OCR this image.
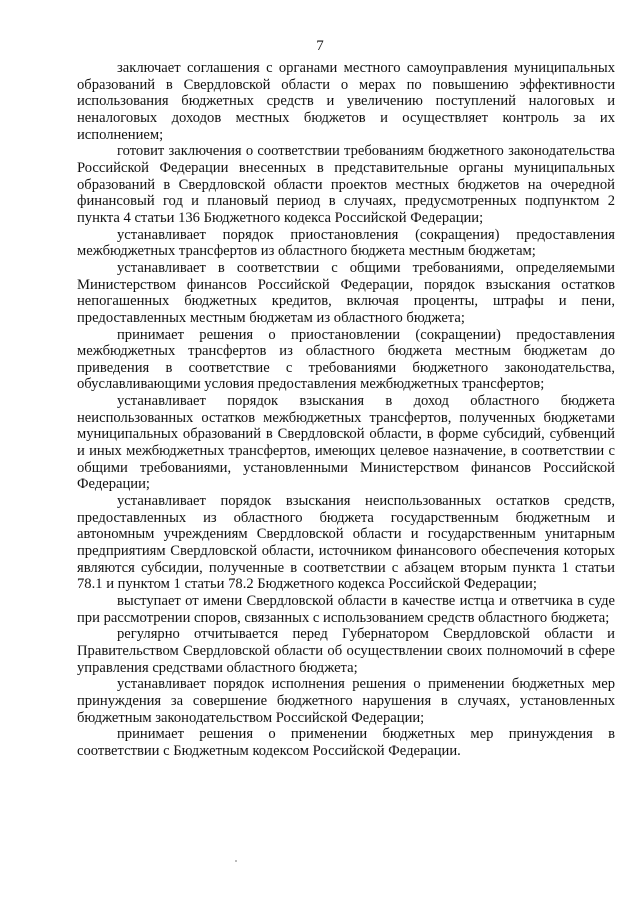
7

заключает соглашения с органами местного самоуправления муниципальных образований в Свердловской области о мерах по повышению эффективности использования бюджетных средств и увеличению поступлений налоговых и неналоговых доходов местных бюджетов и осуществляет контроль за их исполнением;

готовит заключения о соответствии требованиям бюджетного законодательства Российской Федерации внесенных в представительные органы муниципальных образований в Свердловской области проектов местных бюджетов на очередной финансовый год и плановый период в случаях, предусмотренных подпунктом 2 пункта 4 статьи 136 Бюджетного кодекса Российской Федерации;

устанавливает порядок приостановления (сокращения) предоставления межбюджетных трансфертов из областного бюджета местным бюджетам;

устанавливает в соответствии с общими требованиями, определяемыми Министерством финансов Российской Федерации, порядок взыскания остатков непогашенных бюджетных кредитов, включая проценты, штрафы и пени, предоставленных местным бюджетам из областного бюджета;

принимает решения о приостановлении (сокращении) предоставления межбюджетных трансфертов из областного бюджета местным бюджетам до приведения в соответствие с требованиями бюджетного законодательства, обуславливающими условия предоставления межбюджетных трансфертов;

устанавливает порядок взыскания в доход областного бюджета неиспользованных остатков межбюджетных трансфертов, полученных бюджетами муниципальных образований в Свердловской области, в форме субсидий, субвенций и иных межбюджетных трансфертов, имеющих целевое назначение, в соответствии с общими требованиями, установленными Министерством финансов Российской Федерации;

устанавливает порядок взыскания неиспользованных остатков средств, предоставленных из областного бюджета государственным бюджетным и автономным учреждениям Свердловской области и государственным унитарным предприятиям Свердловской области, источником финансового обеспечения которых являются субсидии, полученные в соответствии с абзацем вторым пункта 1 статьи 78.1 и пунктом 1 статьи 78.2 Бюджетного кодекса Российской Федерации;

выступает от имени Свердловской области в качестве истца и ответчика в суде при рассмотрении споров, связанных с использованием средств областного бюджета;

регулярно отчитывается перед Губернатором Свердловской области и Правительством Свердловской области об осуществлении своих полномочий в сфере управления средствами областного бюджета;

устанавливает порядок исполнения решения о применении бюджетных мер принуждения за совершение бюджетного нарушения в случаях, установленных бюджетным законодательством Российской Федерации;

принимает решения о применении бюджетных мер принуждения в соответствии с Бюджетным кодексом Российской Федерации.
